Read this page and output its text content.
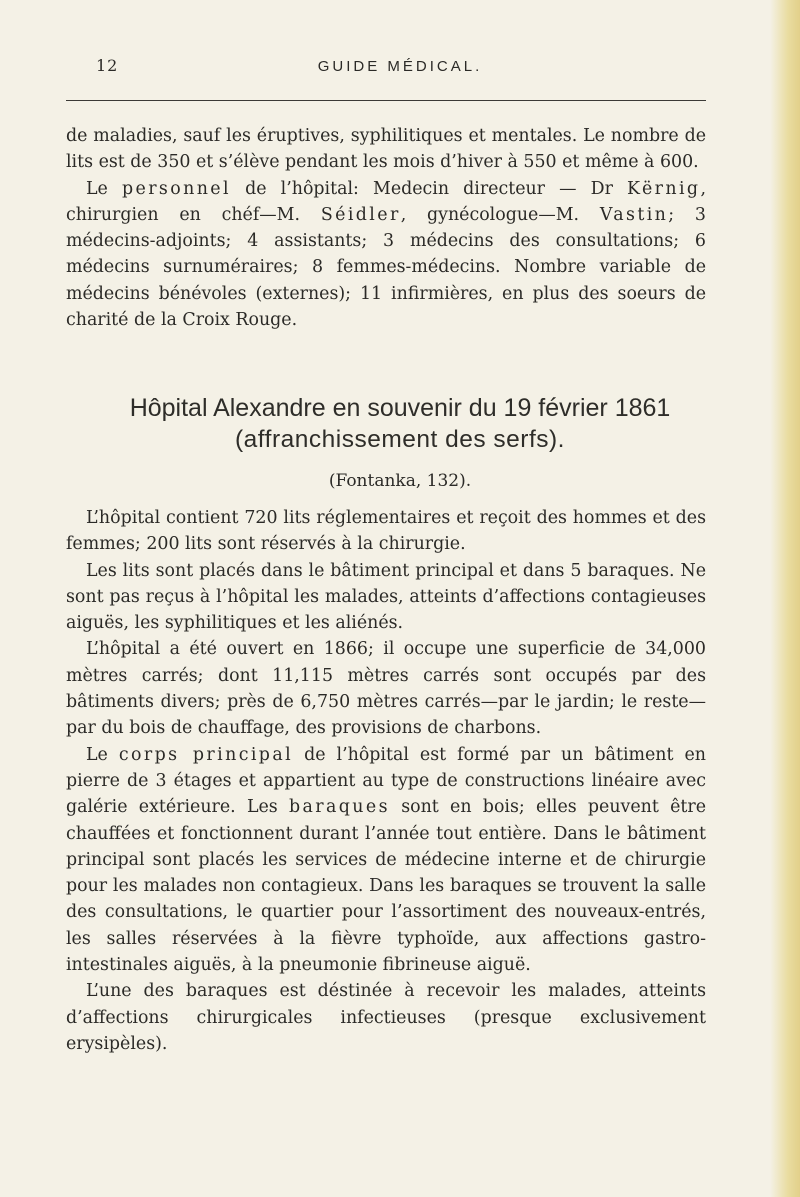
12	GUIDE MÉDICAL.

de maladies, sauf les éruptives, syphilitiques et mentales. Le nombre de lits est de 350 et s’élève pendant les mois d’hiver à 550 et même à 600.

Le personnel de l’hôpital: Medecin directeur — Dr Kërnig, chirurgien en chéf—M. Séidler, gynécologue—M. Vastin; 3 médecins-adjoints; 4 assistants; 3 médecins des consultations; 6 médecins surnuméraires; 8 femmes-médecins. Nombre variable de médecins bénévoles (externes); 11 infirmières, en plus des soeurs de charité de la Croix Rouge.

Hôpital Alexandre en souvenir du 19 février 1861
(affranchissement des serfs).
(Fontanka, 132).

L’hôpital contient 720 lits réglementaires et reçoit des hommes et des femmes; 200 lits sont réservés à la chirurgie.

Les lits sont placés dans le bâtiment principal et dans 5 baraques. Ne sont pas reçus à l’hôpital les malades, atteints d’affections contagieuses aiguës, les syphilitiques et les aliénés.

L’hôpital a été ouvert en 1866; il occupe une superficie de 34,000 mètres carrés; dont 11,115 mètres carrés sont occupés par des bâtiments divers; près de 6,750 mètres carrés—par le jardin; le reste—par du bois de chauffage, des provisions de charbons.

Le corps principal de l’hôpital est formé par un bâtiment en pierre de 3 étages et appartient au type de constructions linéaire avec galérie extérieure. Les baraques sont en bois; elles peuvent être chauffées et fonctionnent durant l’année tout entière. Dans le bâtiment principal sont placés les services de médecine interne et de chirurgie pour les malades non contagieux. Dans les baraques se trouvent la salle des consultations, le quartier pour l’assortiment des nouveaux-entrés, les salles réservées à la fièvre typhoïde, aux affections gastro-intestinales aiguës, à la pneumonie fibrineuse aiguë.

L’une des baraques est déstinée à recevoir les malades, atteints d’affections chirurgicales infectieuses (presque exclusivement erysipèles).
